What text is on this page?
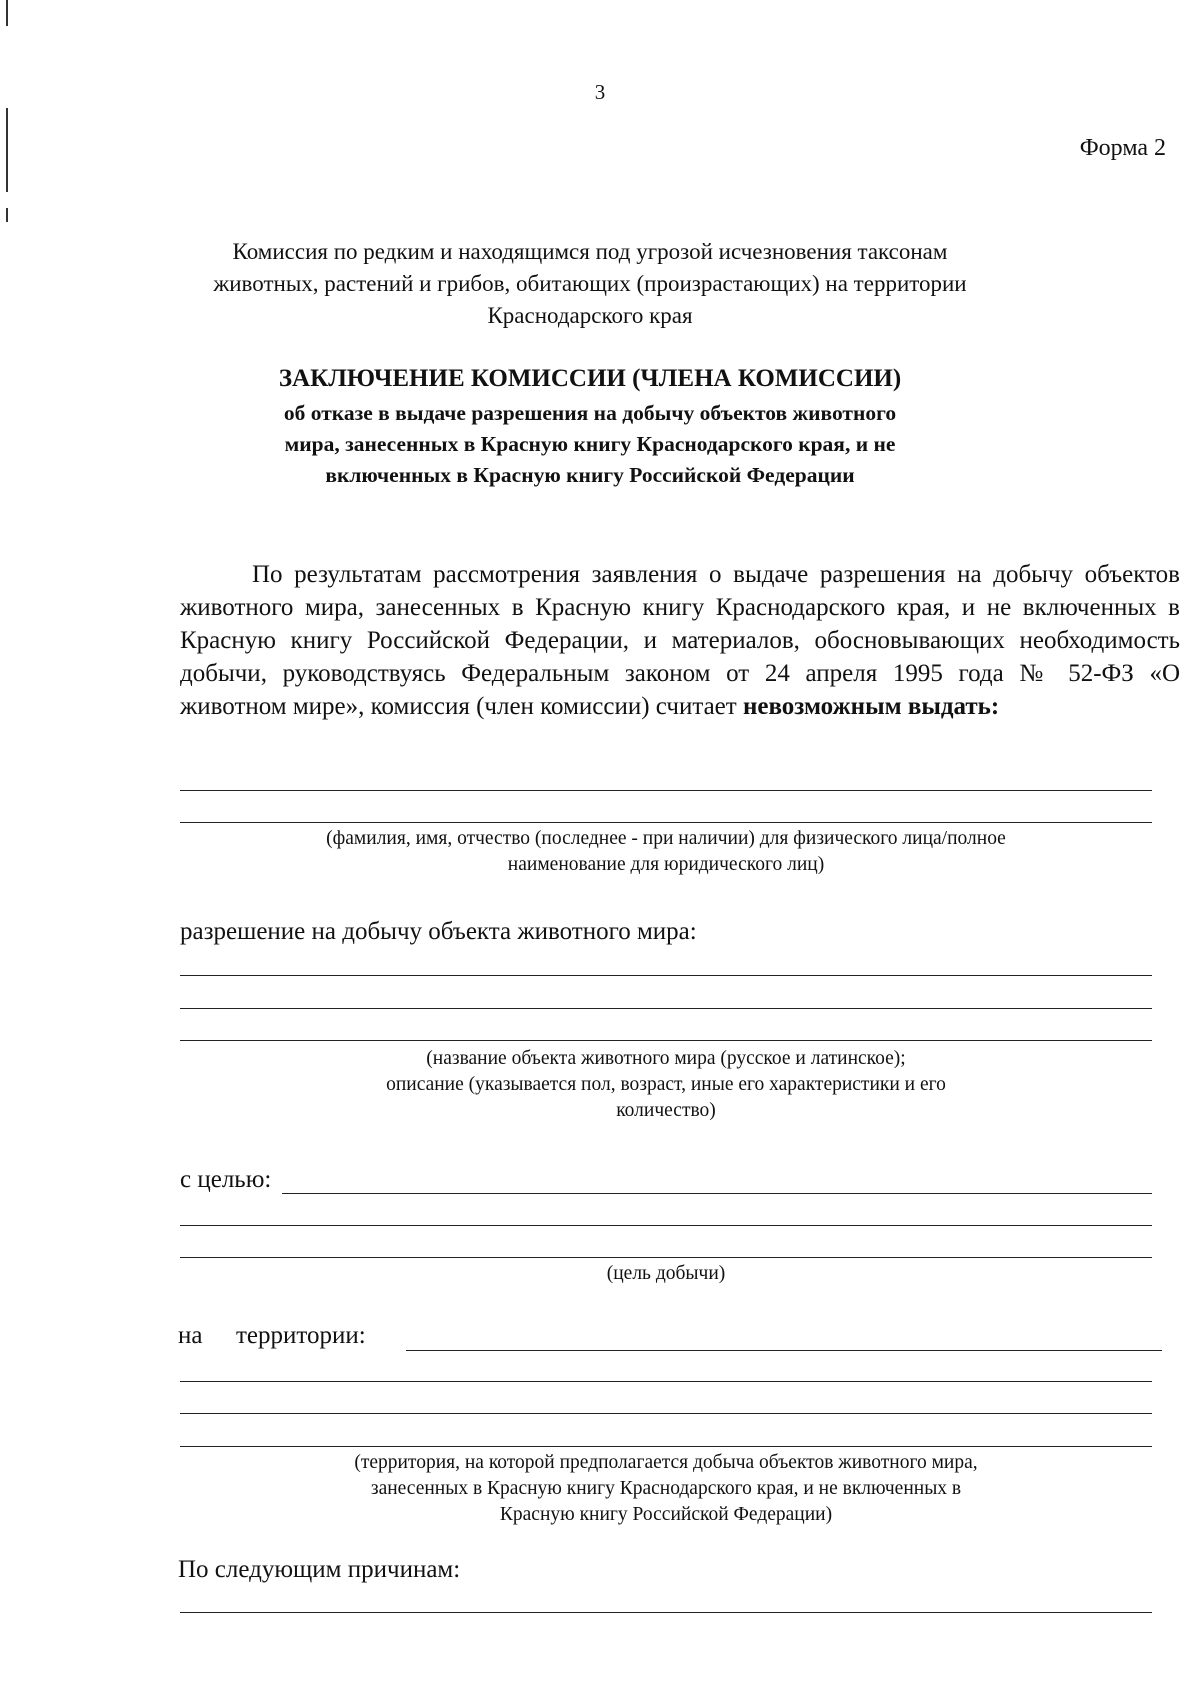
3
Форма 2
Комиссия по редким и находящимся под угрозой исчезновения таксонам
животных, растений и грибов, обитающих (произрастающих) на территории
Краснодарского края
ЗАКЛЮЧЕНИЕ КОМИССИИ (ЧЛЕНА КОМИССИИ)
об отказе в выдаче разрешения на добычу объектов животного
мира, занесенных в Красную книгу Краснодарского края, и не
включенных в Красную книгу Российской Федерации
По результатам рассмотрения заявления о выдаче разрешения на добычу объектов животного мира, занесенных в Красную книгу Краснодарского края, и не включенных в Красную книгу Российской Федерации, и материалов, обосновывающих необходимость добычи, руководствуясь Федеральным законом от 24 апреля 1995 года № 52-ФЗ «О животном мире», комиссия (член комиссии) считает невозможным выдать:
(фамилия, имя, отчество (последнее - при наличии) для физического лица/полное
наименование для юридического лиц)
разрешение на добычу объекта животного мира:
(название объекта животного мира (русское и латинское);
описание (указывается пол, возраст, иные его характеристики и его
количество)
с целью:
(цель добычи)
на территории:
(территория, на которой предполагается добыча объектов животного мира,
занесенных в Красную книгу Краснодарского края, и не включенных в
Красную книгу Российской Федерации)
По следующим причинам:
